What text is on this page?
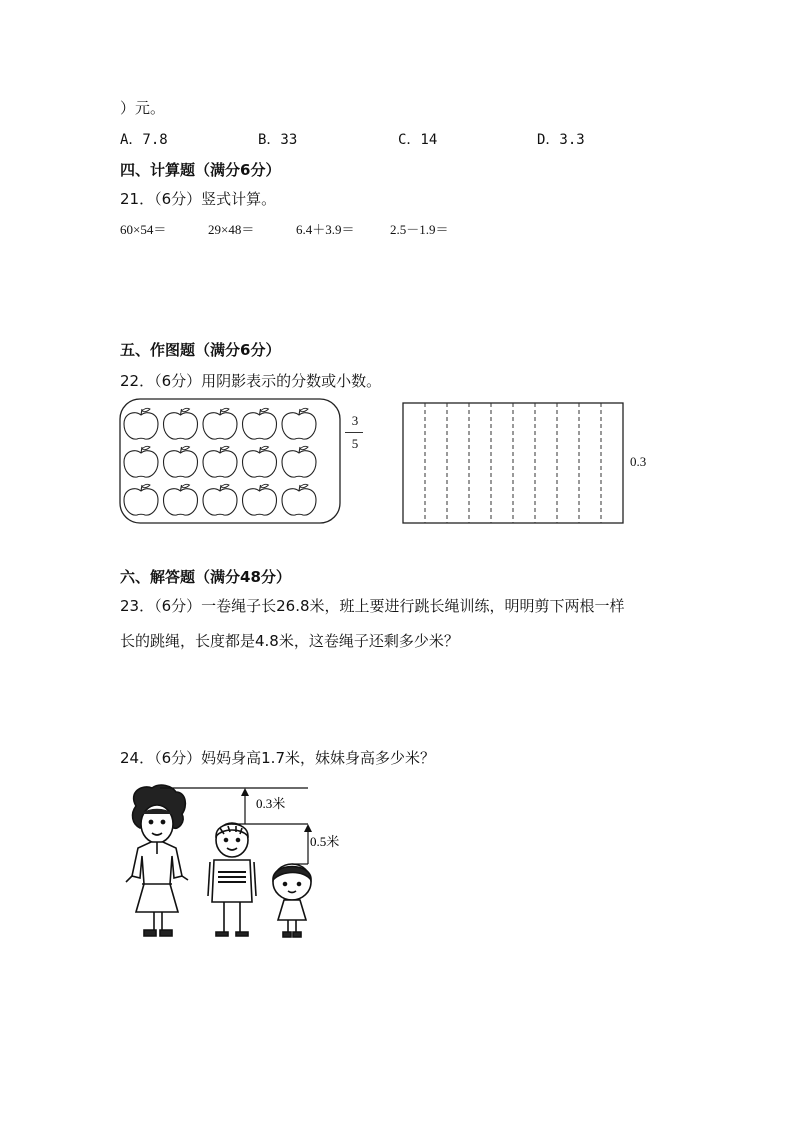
）元。
A．7.8	B．33	C．14	D．3.3
四、计算题（满分6分）
21．（6分）竖式计算。
60×54＝	29×48＝	6.4＋3.9＝	2.5－1.9＝
五、作图题（满分6分）
22．（6分）用阴影表示的分数或小数。
3
5
0.3
六、解答题（满分48分）
23．（6分）一卷绳子长26.8米，班上要进行跳长绳训练，明明剪下两根一样
长的跳绳，长度都是4.8米，这卷绳子还剩多少米？
24．（6分）妈妈身高1.7米，妹妹身高多少米？
0.3米
0.5米
